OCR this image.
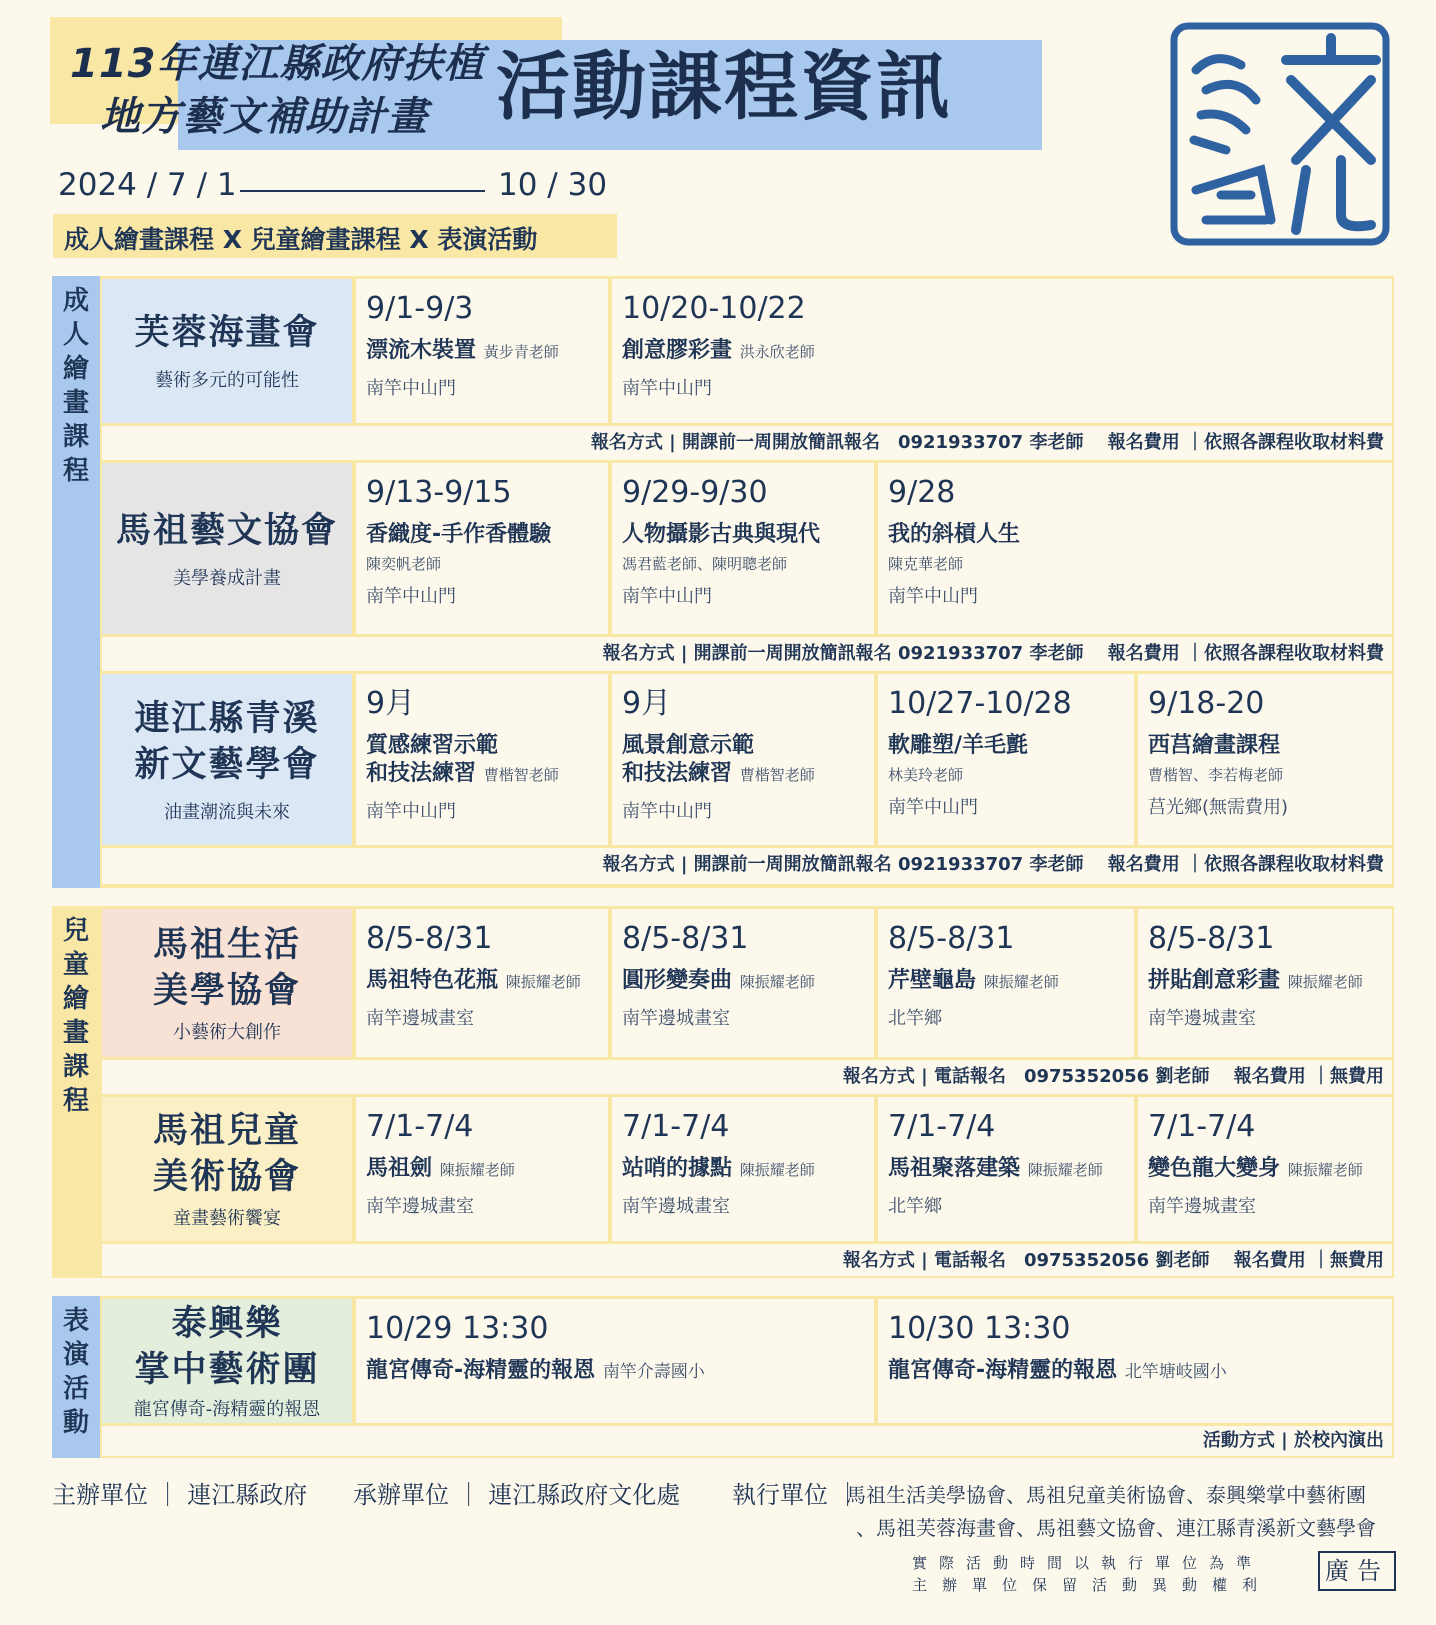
113年連江縣政府扶植
地方藝文補助計畫 活動課程資訊
2024 / 7 / 1	10 / 30
成人繪畫課程 X 兒童繪畫課程 X 表演活動
成
人
繪
畫
課
程
芙蓉海畫會
藝術多元的可能性
9/1-9/3
漂流木裝置 黃步青老師
南竿中山門
10/20-10/22
創意膠彩畫 洪永欣老師
南竿中山門
報名方式 | 開課前一周開放簡訊報名　0921933707 李老師　 報名費用 ｜依照各課程收取材料費
馬祖藝文協會
美學養成計畫
9/13-9/15
香織度-手作香體驗
陳奕帆老師
南竿中山門
9/29-9/30
人物攝影古典與現代
馮君藍老師、陳明聰老師
南竿中山門
9/28
我的斜槓人生
陳克華老師
南竿中山門
報名方式 | 開課前一周開放簡訊報名 0921933707 李老師　 報名費用 ｜依照各課程收取材料費
連江縣青溪
新文藝學會
油畫潮流與未來
9月
質感練習示範
和技法練習 曹楷智老師
南竿中山門
9月
風景創意示範
和技法練習 曹楷智老師
南竿中山門
10/27-10/28
軟雕塑/羊毛氈
林美玲老師
南竿中山門
9/18-20
西莒繪畫課程
曹楷智、李若梅老師
莒光鄉(無需費用)
報名方式 | 開課前一周開放簡訊報名 0921933707 李老師　 報名費用 ｜依照各課程收取材料費
兒
童
繪
畫
課
程
馬祖生活
美學協會
小藝術大創作
8/5-8/31
馬祖特色花瓶 陳振耀老師
南竿邊城畫室
8/5-8/31
圓形變奏曲 陳振耀老師
南竿邊城畫室
8/5-8/31
芹壁龜島 陳振耀老師
北竿鄉
8/5-8/31
拼貼創意彩畫 陳振耀老師
南竿邊城畫室
報名方式 | 電話報名　0975352056 劉老師　 報名費用 ｜無費用
馬祖兒童
美術協會
童畫藝術饗宴
7/1-7/4
馬祖劍 陳振耀老師
南竿邊城畫室
7/1-7/4
站哨的據點 陳振耀老師
南竿邊城畫室
7/1-7/4
馬祖聚落建築 陳振耀老師
北竿鄉
7/1-7/4
變色龍大變身 陳振耀老師
南竿邊城畫室
報名方式 | 電話報名　0975352056 劉老師　 報名費用 ｜無費用
表
演
活
動
泰興樂
掌中藝術團
龍宮傳奇-海精靈的報恩
10/29 13:30
龍宮傳奇-海精靈的報恩 南竿介壽國小
10/30 13:30
龍宮傳奇-海精靈的報恩 北竿塘岐國小
活動方式 | 於校內演出
主辦單位 ｜ 連江縣政府 承辦單位 ｜ 連江縣政府文化處 執行單位 ｜
馬祖生活美學協會、馬祖兒童美術協會、泰興樂掌中藝術團
、馬祖芙蓉海畫會、馬祖藝文協會、連江縣青溪新文藝學會
實際活動時間以執行單位為準
主辦單位保留活動異動權利 廣告
